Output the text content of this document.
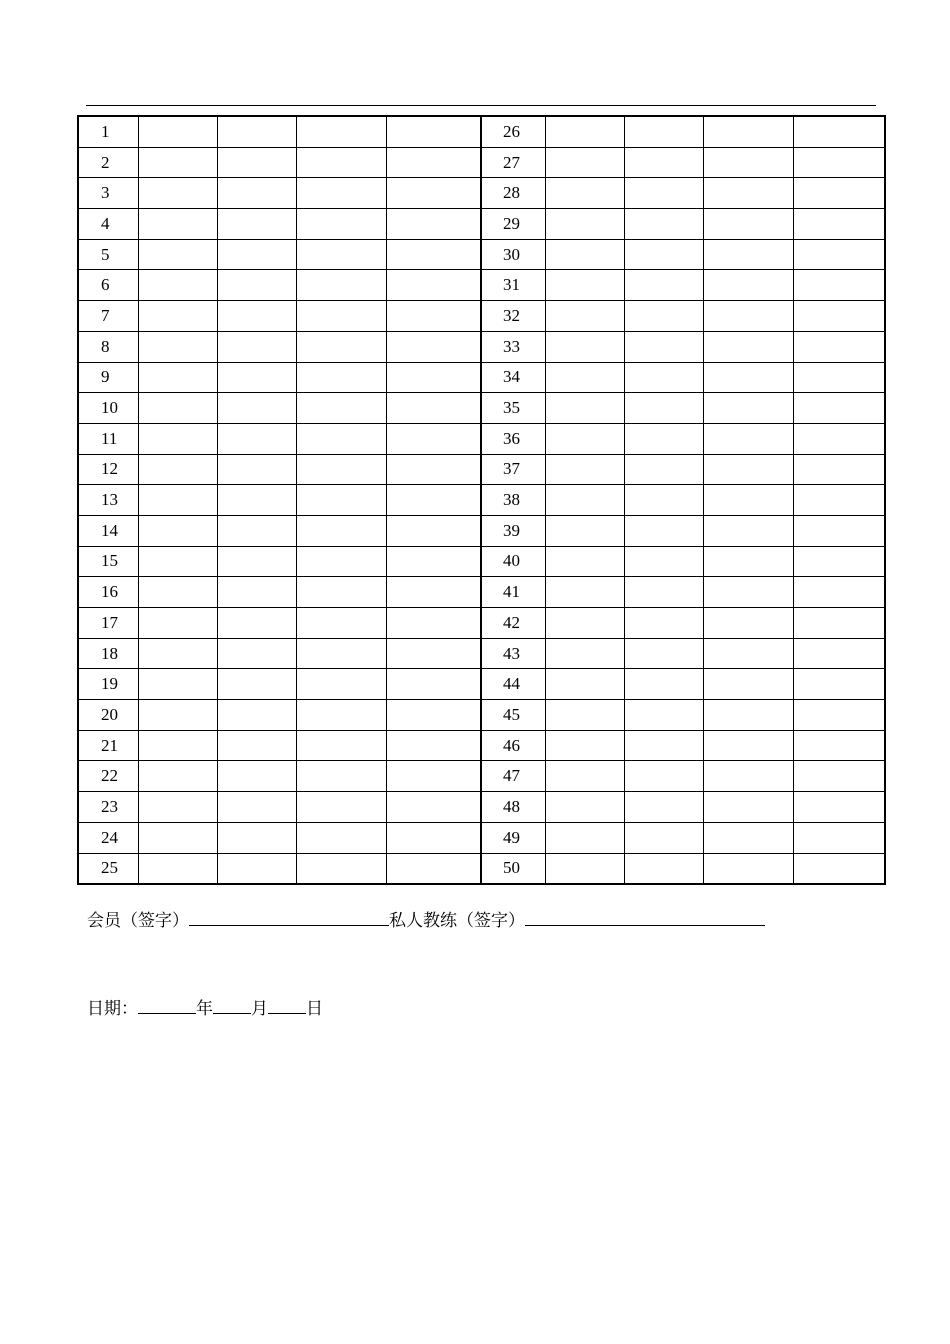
1					26				
2					27				
3					28				
4					29				
5					30				
6					31				
7					32				
8					33				
9					34				
10					35				
11					36				
12					37				
13					38				
14					39				
15					40				
16					41				
17					42				
18					43				
19					44				
20					45				
21					46				
22					47				
23					48				
24					49				
25					50				
会员（签字）	私人教练（签字）
日期：	年 月 日
